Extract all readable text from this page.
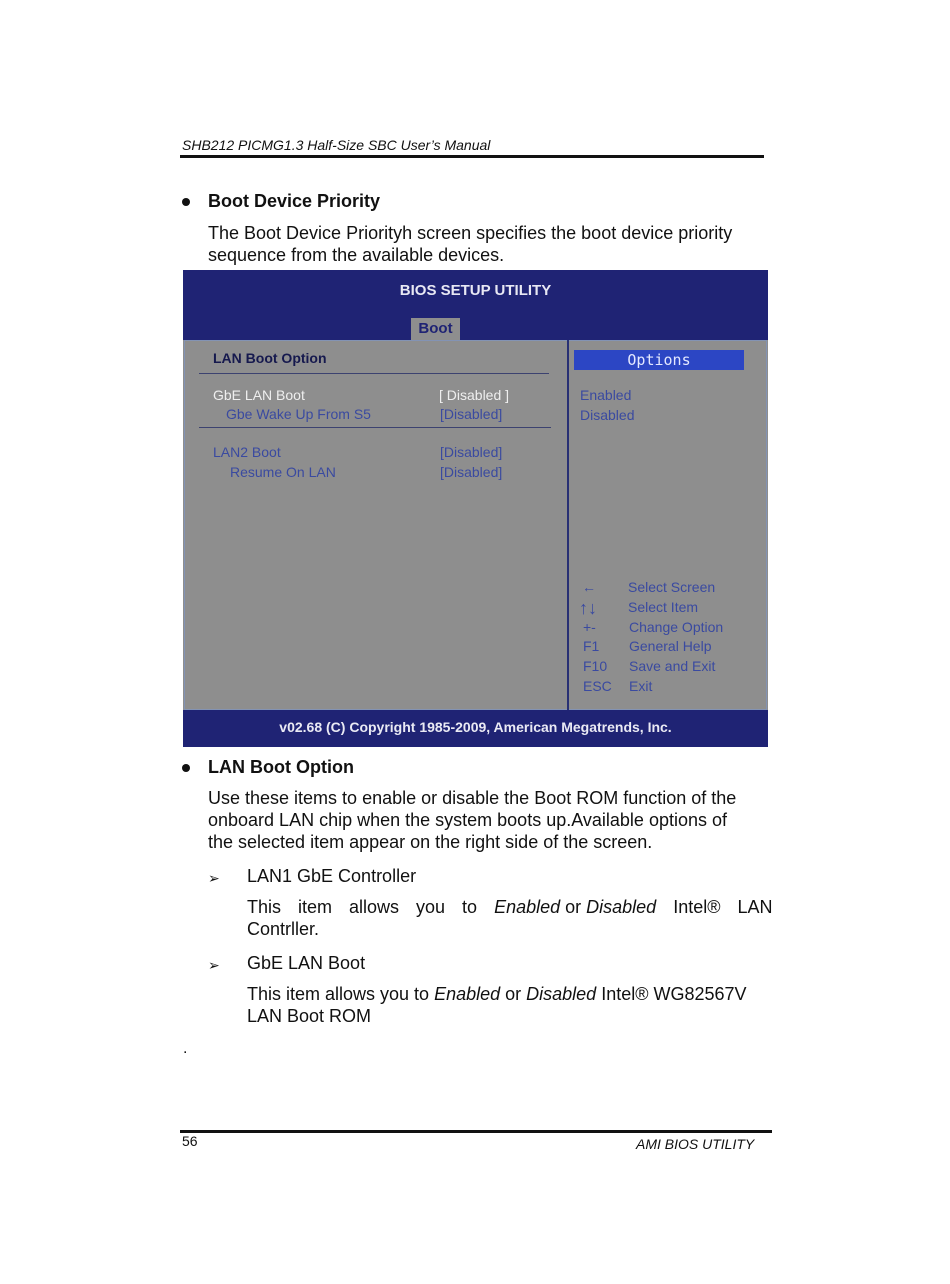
SHB212 PICMG1.3 Half-Size SBC User’s Manual
Boot Device Priority
The Boot Device Priorityh screen specifies the boot device priority
sequence from the available devices.
BIOS SETUP UTILITY
Boot
LAN Boot Option
GbE LAN Boot	[ Disabled ]
Gbe Wake Up From S5	[Disabled]
LAN2 Boot	[Disabled]
Resume On LAN	[Disabled]
Options
Enabled
Disabled
← Select Screen
↑↓ Select Item
+- Change Option
F1 General Help
F10 Save and Exit
ESC Exit
v02.68 (C) Copyright 1985-2009, American Megatrends, Inc.
LAN Boot Option
Use these items to enable or disable the Boot ROM function of the
onboard LAN chip when the system boots up.Available options of
the selected item appear on the right side of the screen.
➢ LAN1 GbE Controller
This item allows you to Enabled or Disabled Intel® LAN
Contrller.
➢ GbE LAN Boot
This item allows you to Enabled or Disabled Intel® WG82567V
LAN Boot ROM
.
56	AMI BIOS UTILITY
